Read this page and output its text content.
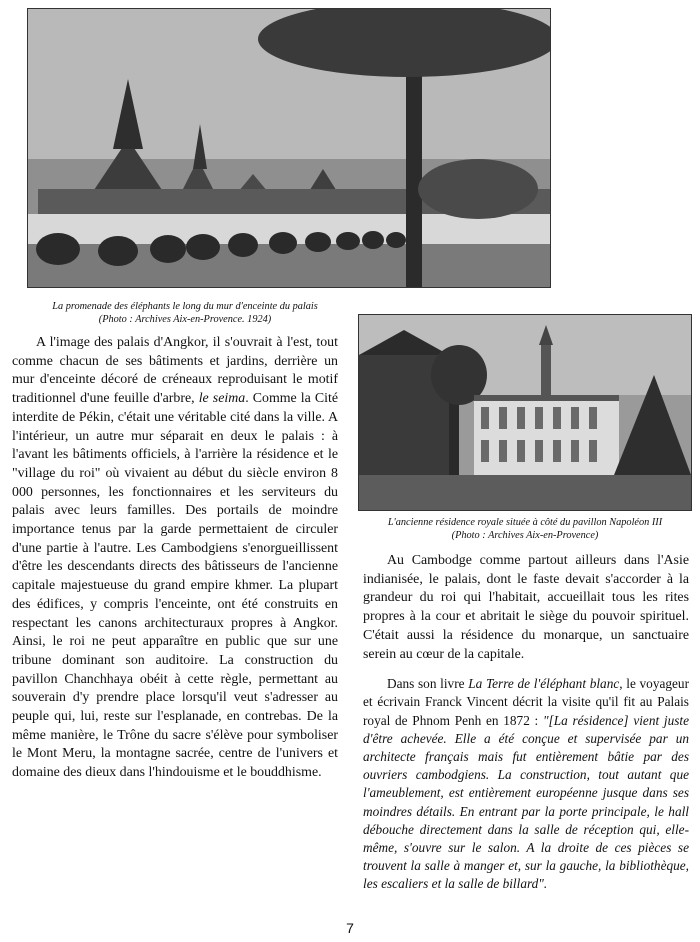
La promenade des éléphants le long du mur d'enceinte du palais
(Photo : Archives Aix-en-Provence. 1924)
L'ancienne résidence royale située à côté du pavillon Napoléon III
(Photo : Archives Aix-en-Provence)

A l'image des palais d'Angkor, il s'ouvrait à l'est, tout comme chacun de ses bâtiments et jardins, derrière un mur d'enceinte décoré de créneaux reproduisant le motif traditionnel d'une feuille d'arbre, le seima. Comme la Cité interdite de Pékin, c'était une véritable cité dans la ville. A l'intérieur, un autre mur séparait en deux le palais : à l'avant les bâtiments officiels, à l'arrière la résidence et le "village du roi" où vivaient au début du siècle environ 8 000 personnes, les fonctionnaires et les serviteurs du palais avec leurs familles. Des portails de moindre importance tenus par la garde permettaient de circuler d'une partie à l'autre. Les Cambodgiens s'enorgueillissent d'être les descendants directs des bâtisseurs de l'ancienne capitale majestueuse du grand empire khmer. La plupart des édifices, y compris l'enceinte, ont été construits en respectant les canons architecturaux propres à Angkor. Ainsi, le roi ne peut apparaître en public que sur une tribune dominant son auditoire. La construction du pavillon Chanchhaya obéit à cette règle, permettant au souverain d'y prendre place lorsqu'il veut s'adresser au peuple qui, lui, reste sur l'esplanade, en contrebas. De la même manière, le Trône du sacre s'élève pour symboliser le Mont Meru, la montagne sacrée, centre de l'univers et domaine des dieux dans l'hindouisme et le bouddhisme.

Au Cambodge comme partout ailleurs dans l'Asie indianisée, le palais, dont le faste devait s'accorder à la grandeur du roi qui l'habitait, accueillait tous les rites propres à la cour et abritait le siège du pouvoir spirituel. C'était aussi la résidence du monarque, un sanctuaire serein au cœur de la capitale.

Dans son livre La Terre de l'éléphant blanc, le voyageur et écrivain Franck Vincent décrit la visite qu'il fit au Palais royal de Phnom Penh en 1872 : "[La résidence] vient juste d'être achevée. Elle a été conçue et supervisée par un architecte français mais fut entièrement bâtie par des ouvriers cambodgiens. La construction, tout autant que l'ameublement, est entièrement européenne jusque dans ses moindres détails. En entrant par la porte principale, le hall débouche directement dans la salle de réception qui, elle-même, s'ouvre sur le salon. A la droite de ces pièces se trouvent la salle à manger et, sur la gauche, la bibliothèque, les escaliers et la salle de billard".

7
